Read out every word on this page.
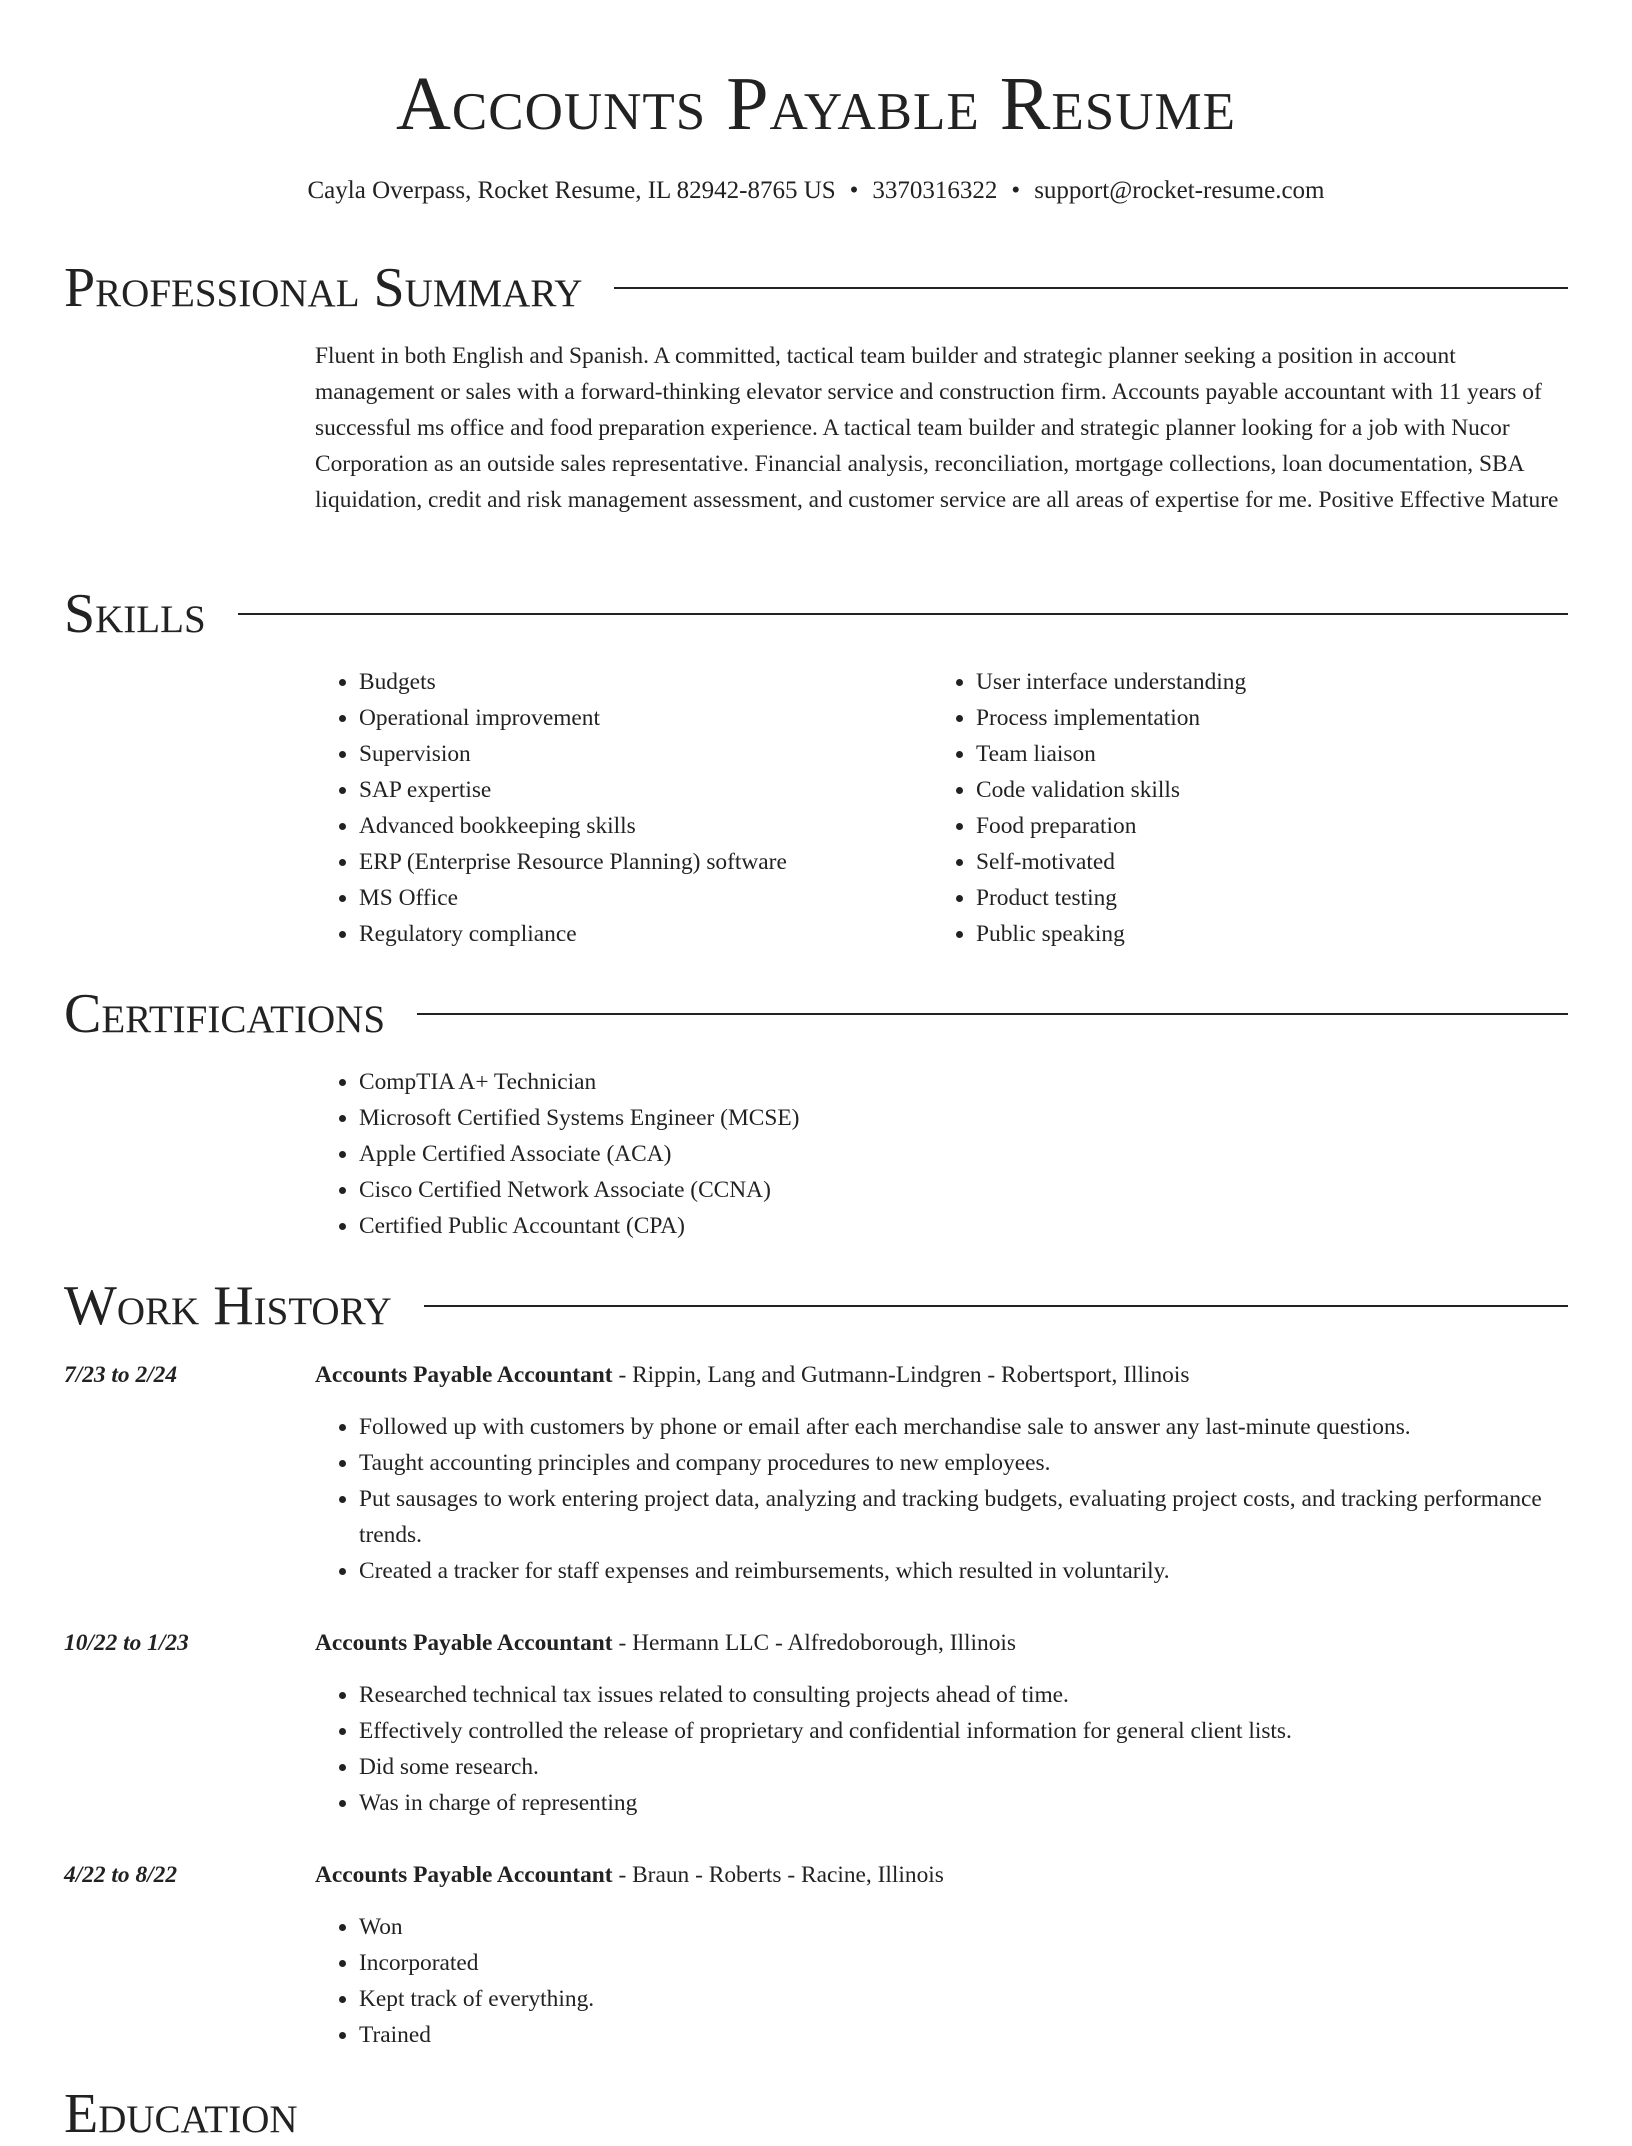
Accounts Payable Resume
Cayla Overpass, Rocket Resume, IL 82942-8765 US • 3370316322 • support@rocket-resume.com
Professional Summary
Fluent in both English and Spanish. A committed, tactical team builder and strategic planner seeking a position in account management or sales with a forward-thinking elevator service and construction firm. Accounts payable accountant with 11 years of successful ms office and food preparation experience. A tactical team builder and strategic planner looking for a job with Nucor Corporation as an outside sales representative. Financial analysis, reconciliation, mortgage collections, loan documentation, SBA liquidation, credit and risk management assessment, and customer service are all areas of expertise for me. Positive Effective Mature
Skills
• Budgets
• Operational improvement
• Supervision
• SAP expertise
• Advanced bookkeeping skills
• ERP (Enterprise Resource Planning) software
• MS Office
• Regulatory compliance
• User interface understanding
• Process implementation
• Team liaison
• Code validation skills
• Food preparation
• Self-motivated
• Product testing
• Public speaking
Certifications
• CompTIA A+ Technician
• Microsoft Certified Systems Engineer (MCSE)
• Apple Certified Associate (ACA)
• Cisco Certified Network Associate (CCNA)
• Certified Public Accountant (CPA)
Work History
7/23 to 2/24	Accounts Payable Accountant - Rippin, Lang and Gutmann-Lindgren - Robertsport, Illinois
• Followed up with customers by phone or email after each merchandise sale to answer any last-minute questions.
• Taught accounting principles and company procedures to new employees.
• Put sausages to work entering project data, analyzing and tracking budgets, evaluating project costs, and tracking performance trends.
• Created a tracker for staff expenses and reimbursements, which resulted in voluntarily.
10/22 to 1/23	Accounts Payable Accountant - Hermann LLC - Alfredoborough, Illinois
• Researched technical tax issues related to consulting projects ahead of time.
• Effectively controlled the release of proprietary and confidential information for general client lists.
• Did some research.
• Was in charge of representing
4/22 to 8/22	Accounts Payable Accountant - Braun - Roberts - Racine, Illinois
• Won
• Incorporated
• Kept track of everything.
• Trained
Education
